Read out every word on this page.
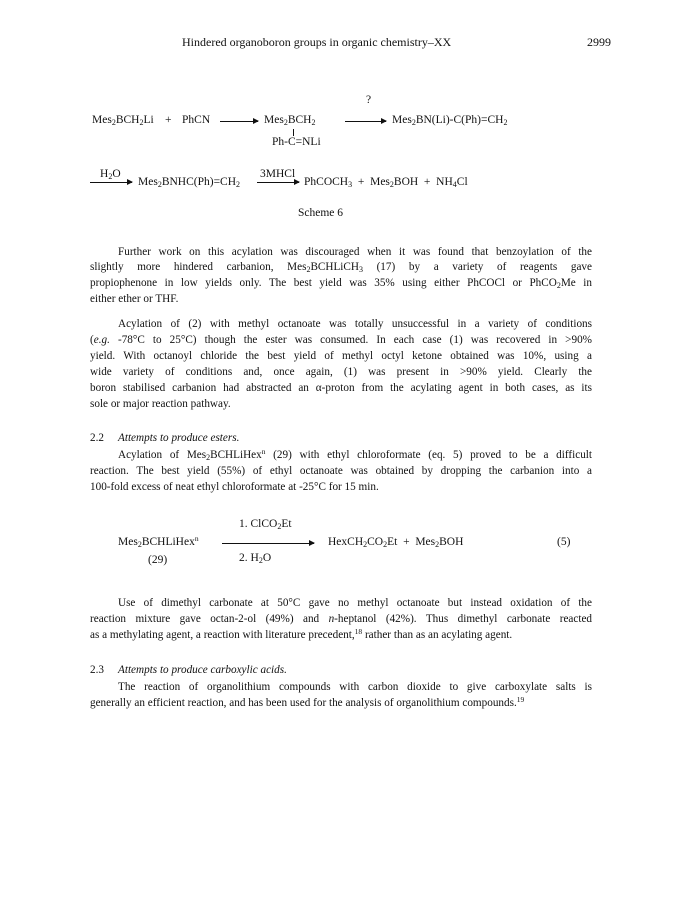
Hindered organoboron groups in organic chemistry–XX	2999
?
$Mes_2BCH_2Li$ + PhCN → $Mes_2BCH_2$
Ph-C=NLi
→ $Mes_2BN(Li)-C(Ph)=CH_2$
$H_2O$
→ $Mes_2BNHC(Ph)=CH_2$
3MHCl
→ PhCOCH$_3$  +  $Mes_2BOH + NH_4Cl$
Scheme 6
Further work on this acylation was discouraged when it was found that benzoylation of the
slightly more hindered carbanion, Mes$_2$BCHLiCH$_3$ (17) by a variety of reagents gave
propiophenone in low yields only. The best yield was 35% using either PhCOCl or PhCO$_2$Me in
either ether or THF.
Acylation of (2) with methyl octanoate was totally unsuccessful in a variety of conditions
(e.g. -78°C to 25°C) though the ester was consumed. In each case (1) was recovered in >90%
yield. With octanoyl chloride the best yield of methyl octyl ketone obtained was 10%, using a
wide variety of conditions and, once again, (1) was present in >90% yield. Clearly the
boron stabilised carbanion had abstracted an α-proton from the acylating agent in both cases, as its
sole or major reaction pathway.
2.2 Attempts to produce esters.
Acylation of Mes$_2$BCHLiHex$^n$ (29) with ethyl chloroformate (eq. 5) proved to be a difficult
reaction. The best yield (55%) of ethyl octanoate was obtained by dropping the carbanion into a
100-fold excess of neat ethyl chloroformate at -25°C for 15 min.
1. ClCO$_2$Et
Mes$_2$BCHLiHex$^n$	$HexCH_2CO_2Et + Mes_2BOH$	(5)
(29)	2. $H_2O$
Use of dimethyl carbonate at 50°C gave no methyl octanoate but instead oxidation of the
reaction mixture gave octan-2-ol (49%) and n-heptanol (42%). Thus dimethyl carbonate reacted
as a methylating agent, a reaction with literature precedent,$^{18}$ rather than as an acylating agent.
2.3 Attempts to produce carboxylic acids.
The reaction of organolithium compounds with carbon dioxide to give carboxylate salts is
generally an efficient reaction, and has been used for the analysis of organolithium compounds.$^{19}$
